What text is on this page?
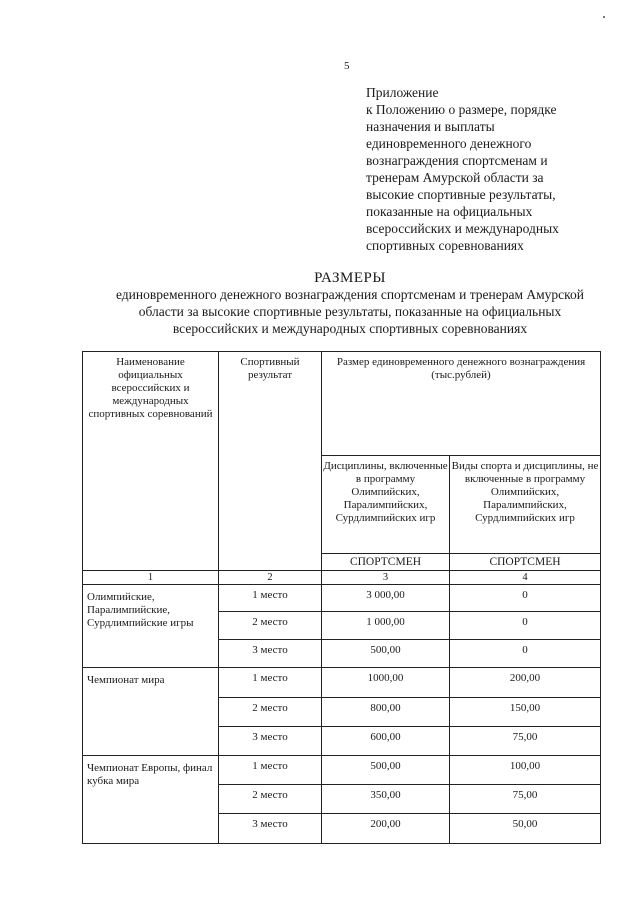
5
Приложение
к Положению о размере, порядке
назначения и выплаты
единовременного денежного
вознаграждения спортсменам и
тренерам Амурской области за
высокие спортивные результаты,
показанные на официальных
всероссийских и международных
спортивных соревнованиях
РАЗМЕРЫ
единовременного денежного вознаграждения спортсменам и тренерам Амурской
области за высокие спортивные результаты, показанные на официальных
всероссийских и международных спортивных соревнованиях
Наименование официальных всероссийских и международных спортивных соревнований	Спортивный результат	Размер единовременного денежного вознаграждения (тыс.рублей)	
		Дисциплины, включенные в программу Олимпийских, Паралимпийских, Сурдлимпийских игр	Виды спорта и дисциплины, не включенные в программу Олимпийских, Паралимпийских, Сурдлимпийских игр
		СПОРТСМЕН	СПОРТСМЕН
1	2	3	4
Олимпийские, Паралимпийские, Сурдлимпийские игры	1 место	3 000,00	0
	2 место	1 000,00	0
	3 место	500,00	0
Чемпионат мира	1 место	1000,00	200,00
	2 место	800,00	150,00
	3 место	600,00	75,00
Чемпионат Европы, финал кубка мира	1 место	500,00	100,00
	2 место	350,00	75,00
	3 место	200,00	50,00
